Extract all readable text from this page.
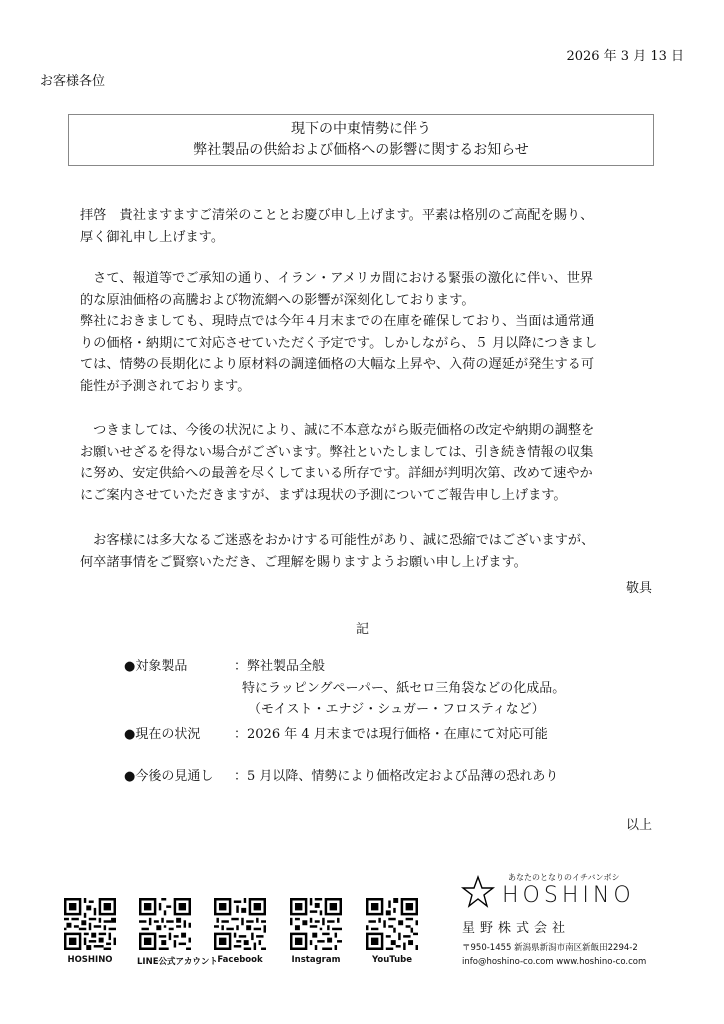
2026 年 3 月 13 日
お客様各位
現下の中東情勢に伴う
弊社製品の供給および価格への影響に関するお知らせ

拝啓　貴社ますますご清栄のこととお慶び申し上げます。平素は格別のご高配を賜り、

厚く御礼申し上げます。

　さて、報道等でご承知の通り、イラン・アメリカ間における緊張の激化に伴い、世界

的な原油価格の高騰および物流網への影響が深刻化しております。

弊社におきましても、現時点では今年４月末までの在庫を確保しており、当面は通常通

りの価格・納期にて対応させていただく予定です。しかしながら、５ 月以降につきまし

ては、情勢の長期化により原材料の調達価格の大幅な上昇や、入荷の遅延が発生する可

能性が予測されております。

　つきましては、今後の状況により、誠に不本意ながら販売価格の改定や納期の調整を

お願いせざるを得ない場合がございます。弊社といたしましては、引き続き情報の収集

に努め、安定供給への最善を尽くしてまいる所存です。詳細が判明次第、改めて速やか

にご案内させていただきますが、まずは現状の予測についてご報告申し上げます。

　お客様には多大なるご迷惑をおかけする可能性があり、誠に恐縮ではございますが、

何卒諸事情をご賢察いただき、ご理解を賜りますようお願い申し上げます。

敬具
記
●対象製品	：弊社製品全般
特にラッピングペーパー、紙セロ三角袋などの化成品。
（モイスト・エナジ・シュガー・フロスティなど）
●現在の状況	：2026 年 4 月末までは現行価格・在庫にて対応可能
●今後の見通し ：5 月以降、情勢により価格改定および品薄の恐れあり
以上
HOSHINO	LINE公式アカウント Facebook	Instagram	YouTube
あなたのとなりのイチバンボシ
HOSHINO
星野株式会社
〒950-1455 新潟県新潟市南区新飯田2294-2
info@hoshino-co.com www.hoshino-co.com
